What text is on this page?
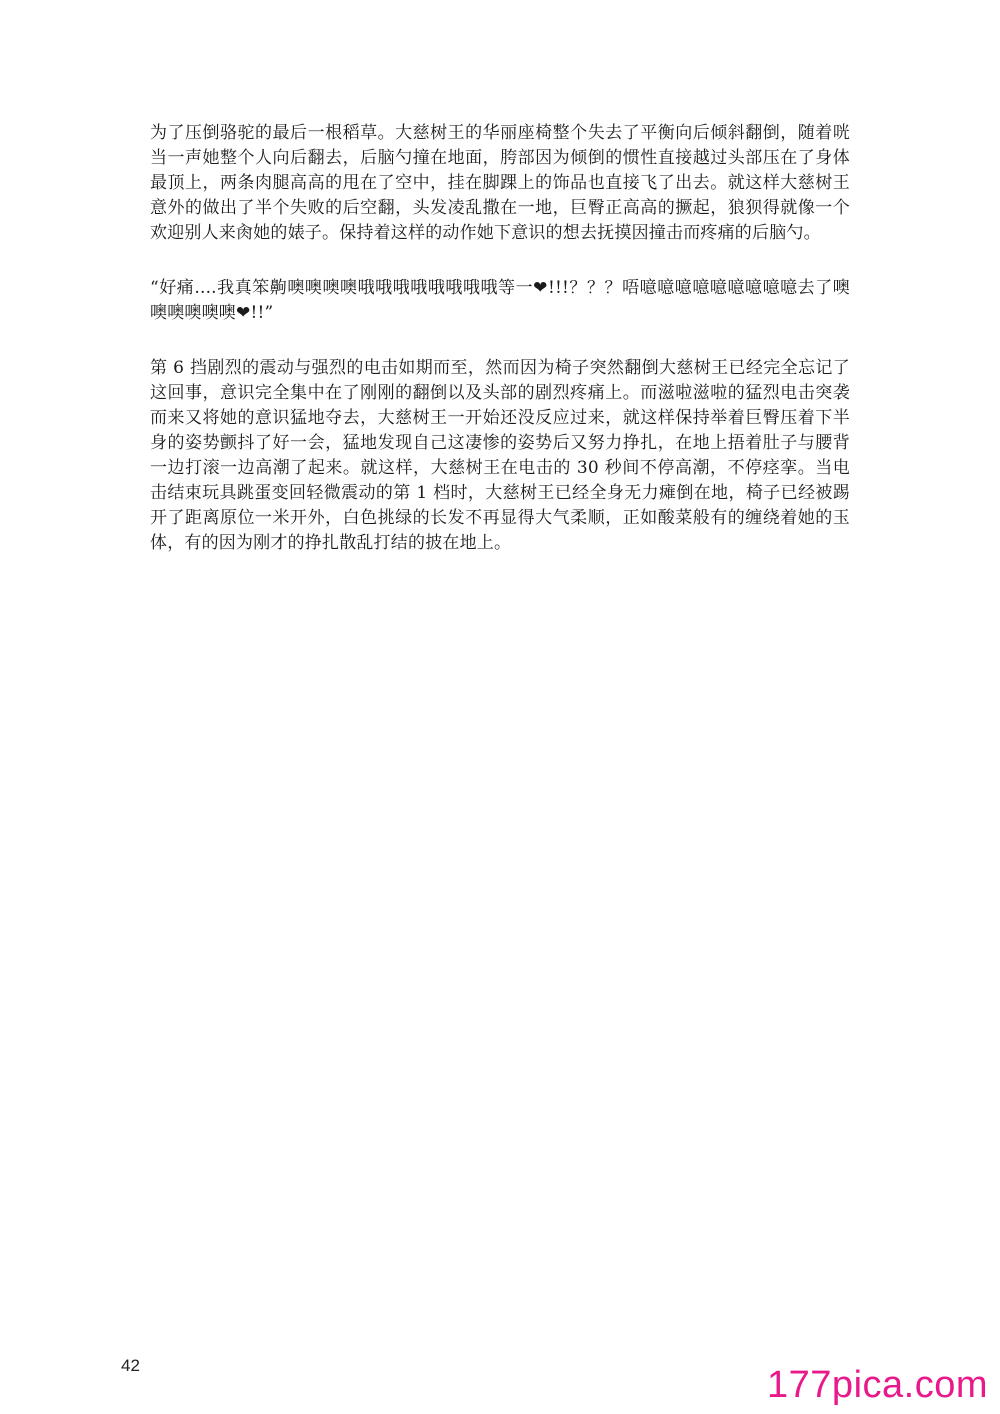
为了压倒骆驼的最后一根稻草。大慈树王的华丽座椅整个失去了平衡向后倾斜翻倒，随着咣当一声她整个人向后翻去，后脑勺撞在地面，胯部因为倾倒的惯性直接越过头部压在了身体最顶上，两条肉腿高高的甩在了空中，挂在脚踝上的饰品也直接飞了出去。就这样大慈树王意外的做出了半个失败的后空翻，头发凌乱撒在一地，巨臀正高高的撅起，狼狈得就像一个欢迎别人来肏她的婊子。保持着这样的动作她下意识的想去抚摸因撞击而疼痛的后脑勺。

“好痛....我真笨齁噢噢噢噢哦哦哦哦哦哦哦哦等一❤!!!？？？唔噫噫噫噫噫噫噫噫噫去了噢噢噢噢噢噢❤!!”

第 6 挡剧烈的震动与强烈的电击如期而至，然而因为椅子突然翻倒大慈树王已经完全忘记了这回事，意识完全集中在了刚刚的翻倒以及头部的剧烈疼痛上。而滋啦滋啦的猛烈电击突袭而来又将她的意识猛地夺去，大慈树王一开始还没反应过来，就这样保持举着巨臀压着下半身的姿势颤抖了好一会，猛地发现自己这凄惨的姿势后又努力挣扎，在地上捂着肚子与腰背一边打滚一边高潮了起来。就这样，大慈树王在电击的 30 秒间不停高潮，不停痉挛。当电击结束玩具跳蛋变回轻微震动的第 1 档时，大慈树王已经全身无力瘫倒在地，椅子已经被踢开了距离原位一米开外，白色挑绿的长发不再显得大气柔顺，正如酸菜般有的缠绕着她的玉体，有的因为刚才的挣扎散乱打结的披在地上。

42	177pica.com
